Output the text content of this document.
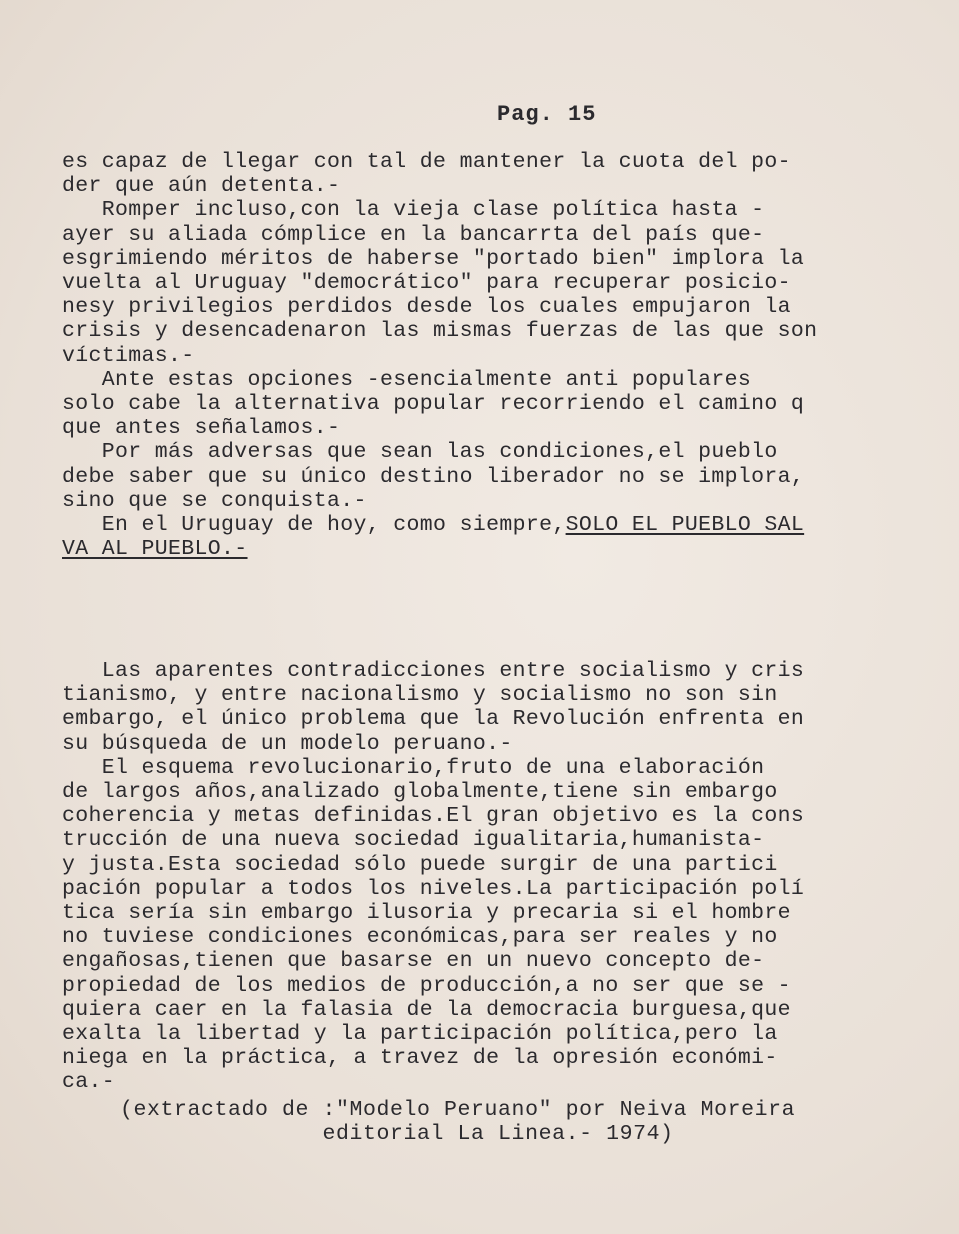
Pag. 15
es capaz de llegar con tal de mantener la cuota del po-
der que aún detenta.-
Romper incluso,con la vieja clase política hasta -
ayer su aliada cómplice en la bancarrta del país que-
esgrimiendo méritos de haberse "portado bien" implora la
vuelta al Uruguay "democrático" para recuperar posicio-
nesy privilegios perdidos desde los cuales empujaron la
crisis y desencadenaron las mismas fuerzas de las que son
víctimas.-
Ante estas opciones -esencialmente anti populares
solo cabe la alternativa popular recorriendo el camino q
que antes señalamos.-
Por más adversas que sean las condiciones,el pueblo
debe saber que su único destino liberador no se implora,
sino que se conquista.-
En el Uruguay de hoy, como siempre,SOLO EL PUEBLO SAL
VA AL PUEBLO.-
Las aparentes contradicciones entre socialismo y cris
tianismo, y entre nacionalismo y socialismo no son sin
embargo, el único problema que la Revolución enfrenta en
su búsqueda de un modelo peruano.-
El esquema revolucionario,fruto de una elaboración
de largos años,analizado globalmente,tiene sin embargo
coherencia y metas definidas.El gran objetivo es la cons
trucción de una nueva sociedad igualitaria,humanista-
y justa.Esta sociedad sólo puede surgir de una partici
pación popular a todos los niveles.La participación polí
tica sería sin embargo ilusoria y precaria si el hombre
no tuviese condiciones económicas,para ser reales y no
engañosas,tienen que basarse en un nuevo concepto de-
propiedad de los medios de producción,a no ser que se -
quiera caer en la falasia de la democracia burguesa,que
exalta la libertad y la participación política,pero la
niega en la práctica, a travez de la opresión económi-
ca.-
(extractado de :"Modelo Peruano" por Neiva Moreira
editorial La Linea.- 1974)
